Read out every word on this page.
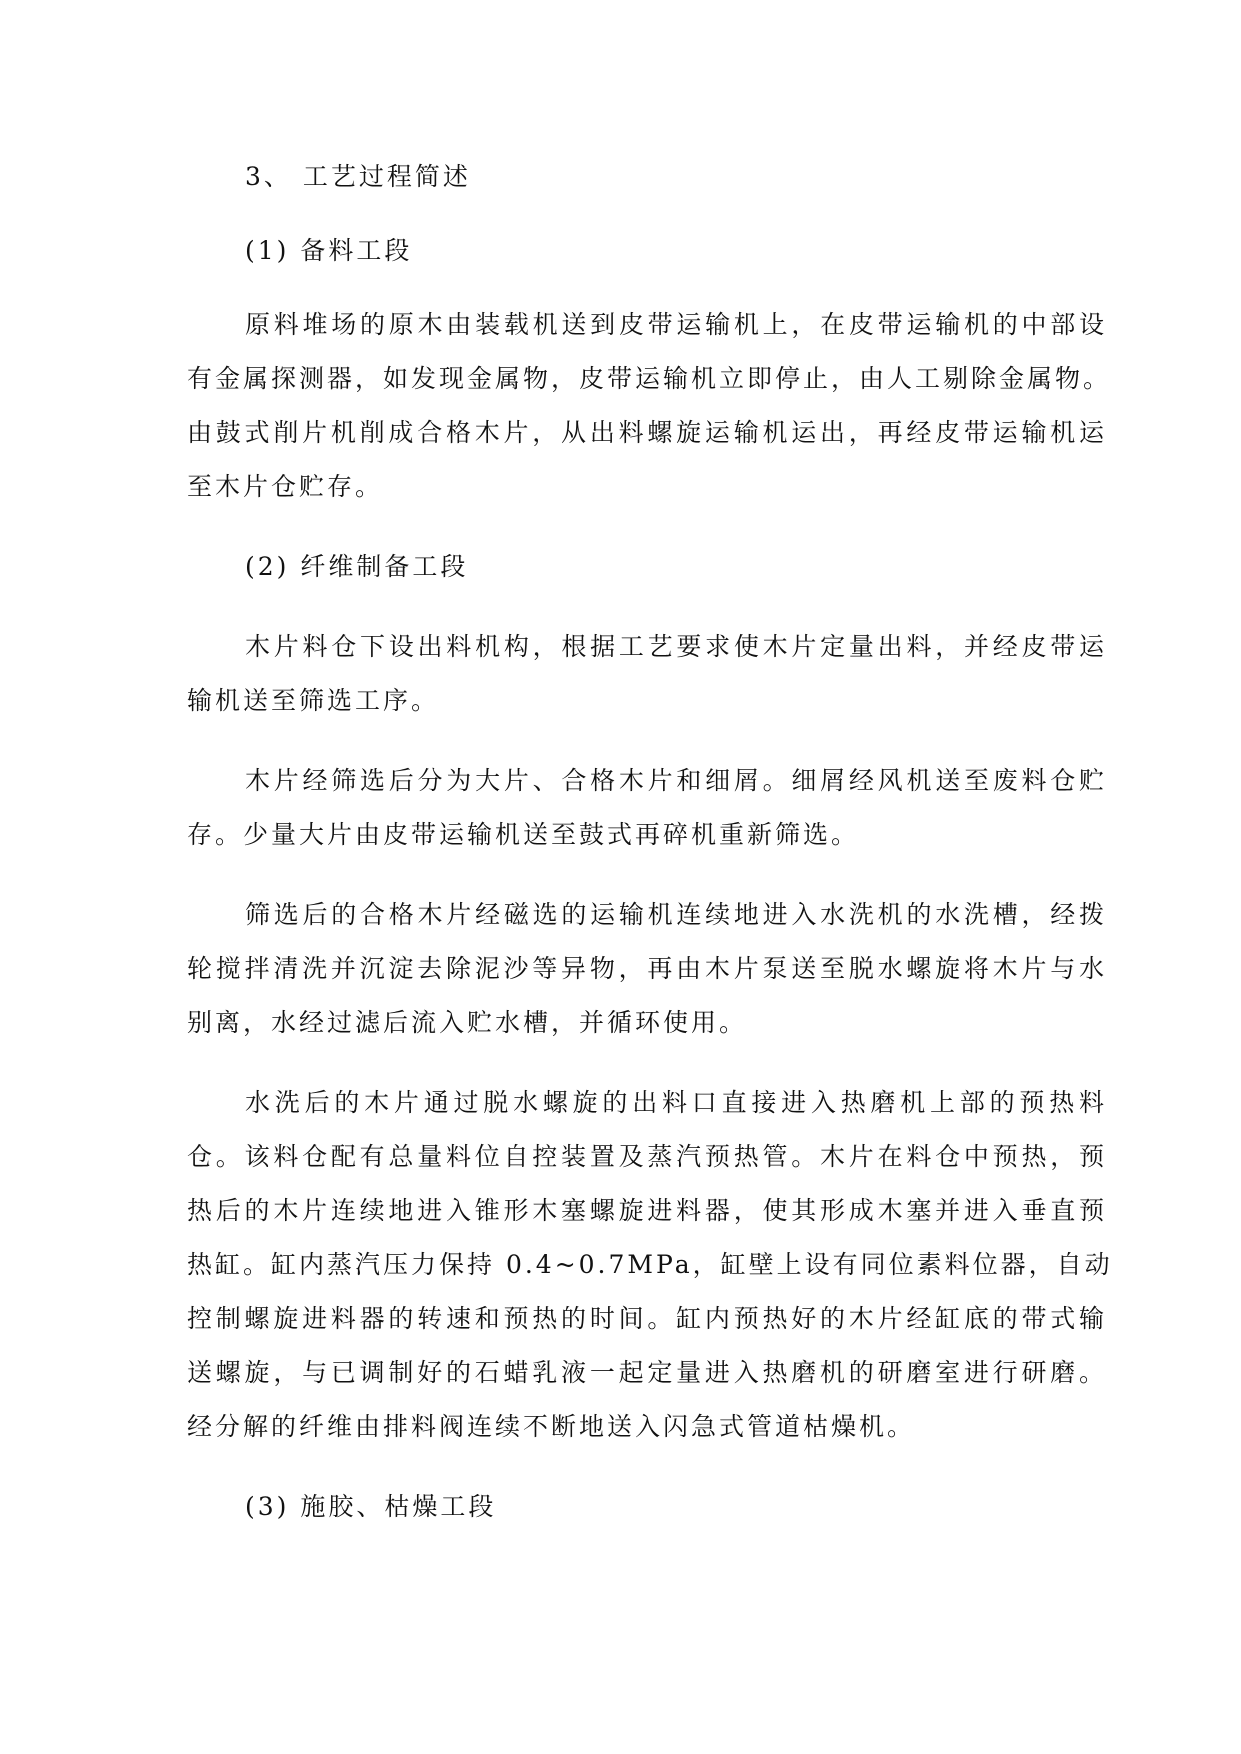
3、 工艺过程简述
(1) 备料工段
原料堆场的原木由装载机送到皮带运输机上，在皮带运输机的中部设
有金属探测器，如发现金属物，皮带运输机立即停止，由人工剔除金属物。
由鼓式削片机削成合格木片，从出料螺旋运输机运出，再经皮带运输机运
至木片仓贮存。
(2) 纤维制备工段
木片料仓下设出料机构，根据工艺要求使木片定量出料，并经皮带运
输机送至筛选工序。
木片经筛选后分为大片、合格木片和细屑。细屑经风机送至废料仓贮
存。少量大片由皮带运输机送至鼓式再碎机重新筛选。
筛选后的合格木片经磁选的运输机连续地进入水洗机的水洗槽，经拨
轮搅拌清洗并沉淀去除泥沙等异物，再由木片泵送至脱水螺旋将木片与水
别离，水经过滤后流入贮水槽，并循环使用。
水洗后的木片通过脱水螺旋的出料口直接进入热磨机上部的预热料
仓。该料仓配有总量料位自控装置及蒸汽预热管。木片在料仓中预热，预
热后的木片连续地进入锥形木塞螺旋进料器，使其形成木塞并进入垂直预
热缸。缸内蒸汽压力保持 0.4~0.7MPa，缸壁上设有同位素料位器，自动
控制螺旋进料器的转速和预热的时间。缸内预热好的木片经缸底的带式输
送螺旋，与已调制好的石蜡乳液一起定量进入热磨机的研磨室进行研磨。
经分解的纤维由排料阀连续不断地送入闪急式管道枯燥机。
(3) 施胶、枯燥工段
